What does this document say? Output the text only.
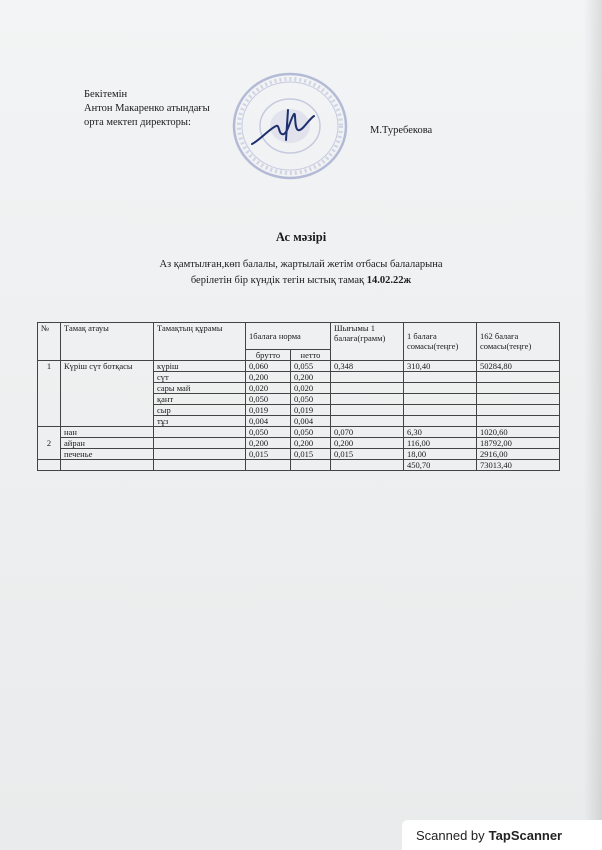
Бекітемін
Антон Макаренко атындағы
орта мектеп директоры:
М.Туребекова
Ас мәзірі
Аз қамтылған,көп балалы, жартылай жетім отбасы балаларына
берілетін бір күндік тегін ыстық тамақ 14.02.22ж
№	Тамақ атауы	Тамақтың құрамы	1балаға норма		Шығымы 1 балаға(грамм)	1 балаға сомасы(теңге)	162 балаға сомасы(теңге)
			брутто	нетто			
1	Күріш сүт ботқасы	күріш	0,060	0,055	0,348	310,40	50284,80
		сүт	0,200	0,200			
		сары май	0,020	0,020			
		қант	0,050	0,050			
		сыр	0,019	0,019			
		тұз	0,004	0,004			
2	нан		0,050	0,050	0,070	6,30	1020,60
	айран		0,200	0,200	0,200	116,00	18792,00
	печенье		0,015	0,015	0,015	18,00	2916,00
						450,70	73013,40
Scanned by TapScanner
